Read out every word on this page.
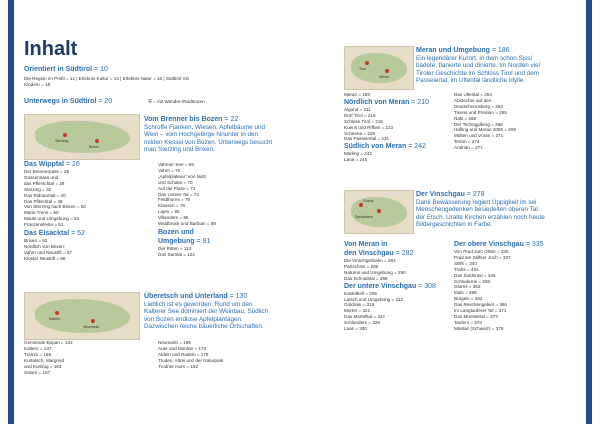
Inhalt
Orientiert in Südtirol = 10
Die Region im Profil = 12 | Erlebnis Kultur = 14 | Erlebnis Natur = 16 | Südtirol mit
Kindern = 18
Unterwegs in Südtirol = 20	⛨ = mit Wander-/Radtouren
Sterzing
Brixen
Vom Brenner bis Bozen = 22
Schroffe Flanken, Wiesen, Apfelbäume und
Wein – vom Hochgebirge hinunter in den
milden Kessel von Bozen. Unterwegs besucht
man Sterzing und Brixen.
Das Wipptal = 26
Der Brennerpass = 26
Gossensass und
das Pflerschtal = 28
Sterzing = 32
Das Ridnauntal = 40
Das Pfitschtal = 48
Von Sterzing nach Brixen = 50
Maria Trens = 50
Mauls und Umgebung = 51
Franzensfeste = 51
Das Eisacktal = 52
Brixen = 53
Nördlich von Brixen:
Vahrn und Neustift = 67
Kloster Neustift = 68
Vahrner See = 69
Vahrn = 70
„Apfelplateau" von Natz
und Schabs = 70
Auf die Plose = 71
Das Lüsner Tal = 74
Feldthurns = 75
Klausen = 78
Lajen = 85
Villanders = 86
Waidbruck und Barbian = 88
Bozen und
Umgebung = 91
Der Ritten = 114
Das Sarntal = 122
Kaltern
Neumarkt
Überetsch und Unterland = 130
Lieblich ist es geworden. Rund um den
Kalterer See dominiert der Weinbau. Südlich
von Bozen endlose Apfelplantagen.
Dazwischen reiche bäuerliche Ortschaften.
Gemeinde Eppan = 132
Kaltern = 147
Tramin = 159
Kurtatsch, Margreid
und Kurtinig = 163
Salurn = 167
Neumarkt = 169
Auer und Montan = 172
Aldein und Radein = 178
Truden, Altrei und der Naturpark
Trudner Horn = 182
Tirol
Meran
Meran und Umgebung = 186
Ein legendärer Kurort, in dem schon Sissi
badete, flanierte und dinierte. Im Norden viel
Tiroler Geschichte im Schloss Tirol und dem
Passeiertal, im Ultental ländliche Idylle.
Meran = 189
Nördlich von Meran = 210
Algund = 211
Dorf Tirol = 216
Schloss Tirol = 216
Kuens und Riffian = 223
Schenna = 225
Das Passeiertal = 231
Südlich von Meran = 242
Marling = 242
Lana = 245
Das Ultental = 254
Abstecher auf den
Deutschnonsberg = 262
Tisens und Prissian = 265
Nals = 268
Der Tschögglberg = 268
Hafling und Meran 2000 = 269
Mölten und Vöran = 271
Terlan = 274
Andrian = 277
Schlanders
Glurns
Der Vinschgau = 278
Dank Bewässerung regiert Üppigkeit im sei
Menschengedenken besiedelten oberen Tal
der Etsch. Uralte Kirchen erzählen noch heute
Bildergeschichten in Farbe.
Von Meran in
den Vinschgau = 282
Die Vinschgerbahn = 284
Partschins = 285
Naturns und Umgebung = 290
Das Schnalstal = 298
Der untere Vinschgau = 308
Kastelbell = 309
Latsch und Umgebung = 312
Goldrain = 319
Morter = 321
Das Martelltal = 322
Schlanders = 328
Laas = 330
Der obere Vinschgau = 335
Von Prad zum Ortler = 336
Prad am Stilfser Joch = 337
Stilfs = 340
Trafoi = 341
Das Suldental = 345
Schluderns = 348
Glurns = 352
Mals = 356
Burgeis = 362
Das Reschengebiet = 366
Im Langtauferer Tal = 371
Das Münstertal = 373
Taufers = 374
Müstair (Schweiz) = 376
